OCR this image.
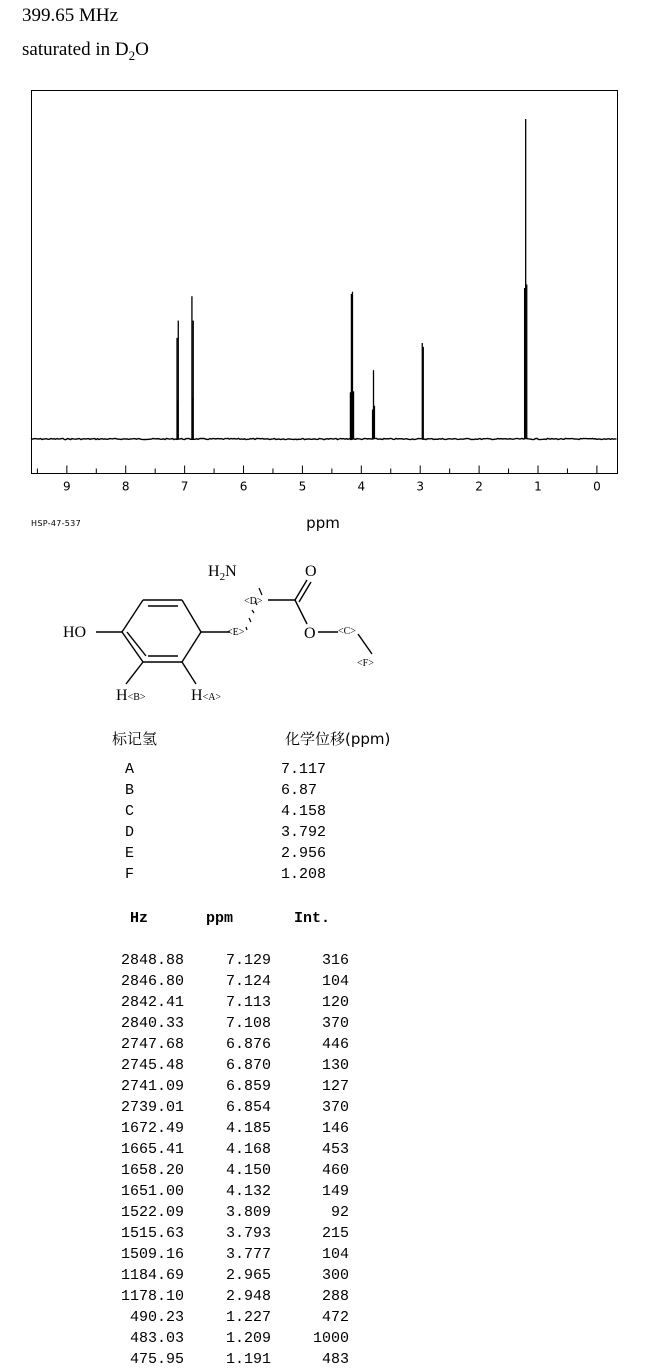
399.65 MHz
saturated in $D_2O$
9	8	7	6	5	4	3	2	1	0
ppm
HSP-47-537
HO
$H_2N$	O
O
H<B>	H<A>
<D>
<E>	<C>
<F>
标记氢	化学位移(ppm)
A	7.117
B	6.87
C	4.158
D	3.792
E	2.956
F	1.208
Hz	ppm	Int.
2848.88	7.129	316
2846.80	7.124	104
2842.41	7.113	120
2840.33	7.108	370
2747.68	6.876	446
2745.48	6.870	130
2741.09	6.859	127
2739.01	6.854	370
1672.49	4.185	146
1665.41	4.168	453
1658.20	4.150	460
1651.00	4.132	149
1522.09	3.809	92
1515.63	3.793	215
1509.16	3.777	104
1184.69	2.965	300
1178.10	2.948	288
490.23	1.227	472
483.03	1.209	1000
475.95	1.191	483
